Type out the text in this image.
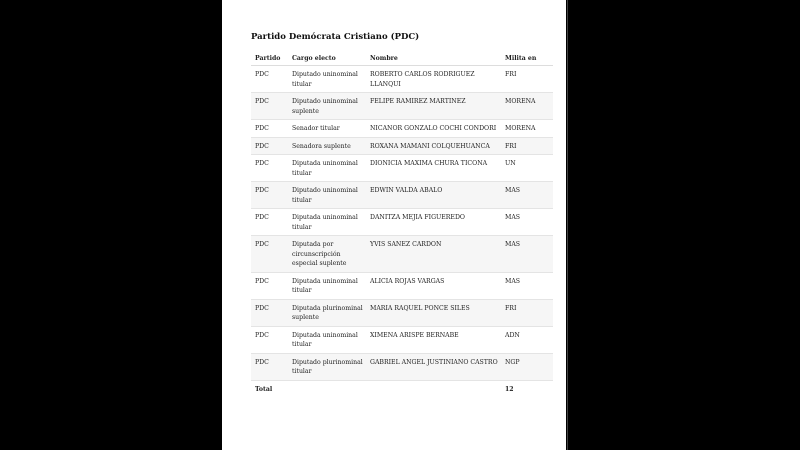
Partido Demócrata Cristiano (PDC)
Partido	Cargo electo	Nombre	Milita en
PDC	Diputado uninominal titular	ROBERTO CARLOS RODRIGUEZ LLANQUI	FRI
PDC	Diputado uninominal suplente	FELIPE RAMIREZ MARTINEZ	MORENA
PDC	Senador titular	NICANOR GONZALO COCHI CONDORI	MORENA
PDC	Senadora suplente	ROXANA MAMANI COLQUEHUANCA	FRI
PDC	Diputada uninominal titular	DIONICIA MAXIMA CHURA TICONA	UN
PDC	Diputado uninominal titular	EDWIN VALDA ABALO	MAS
PDC	Diputada uninominal titular	DANITZA MEJIA FIGUEREDO	MAS
PDC	Diputada por circunscripción especial suplente	YVIS SANEZ CARDON	MAS
PDC	Diputada uninominal titular	ALICIA ROJAS VARGAS	MAS
PDC	Diputada plurinominal suplente	MARIA RAQUEL PONCE SILES	FRI
PDC	Diputada uninominal titular	XIMENA ARISPE BERNABE	ADN
PDC	Diputado plurinominal titular	GABRIEL ANGEL JUSTINIANO CASTRO	NGP
Total			12
